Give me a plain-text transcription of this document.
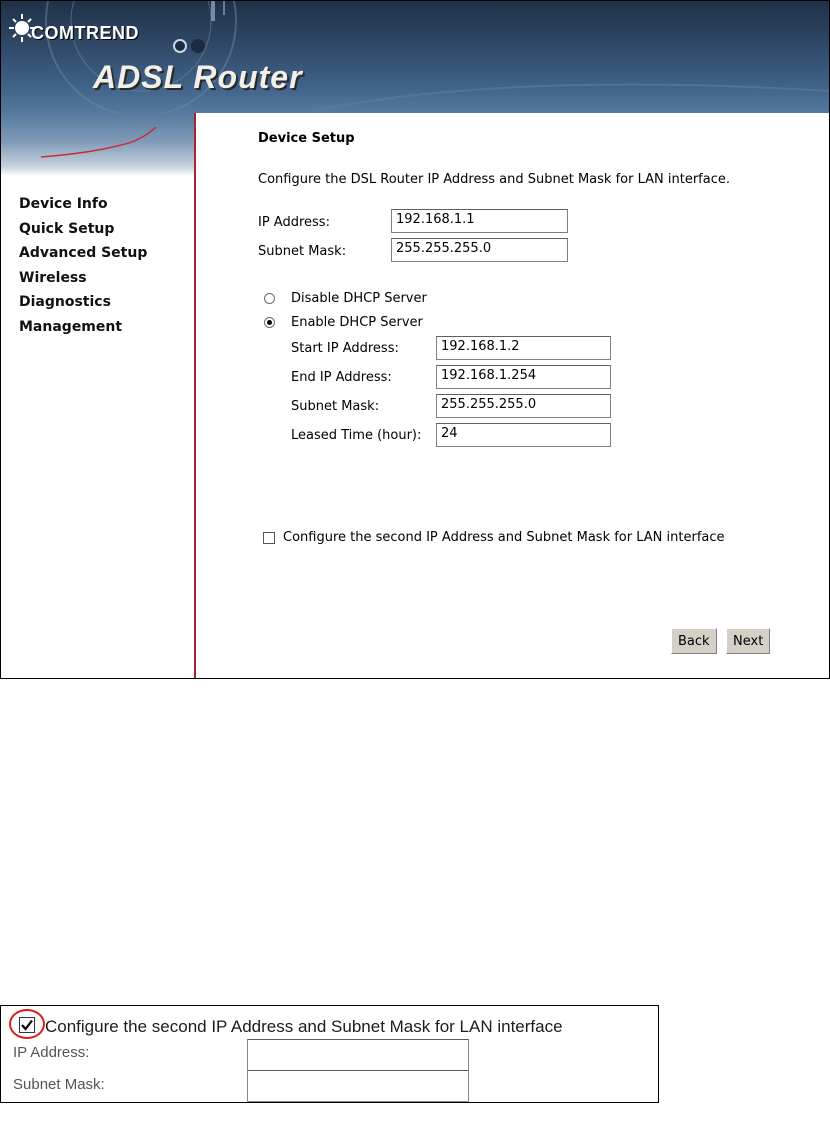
COMTREND
ADSL Router
Device Info
Quick Setup
Advanced Setup
Wireless
Diagnostics
Management
Device Setup
Configure the DSL Router IP Address and Subnet Mask for LAN interface.
IP Address:	192.168.1.1
Subnet Mask:	255.255.255.0
Disable DHCP Server
Enable DHCP Server
Start IP Address:	192.168.1.2
End IP Address:	192.168.1.254
Subnet Mask:	255.255.255.0
Leased Time (hour):	24
Configure the second IP Address and Subnet Mask for LAN interface
Back	Next
Configure the second IP Address and Subnet Mask for LAN interface
IP Address:
Subnet Mask:
